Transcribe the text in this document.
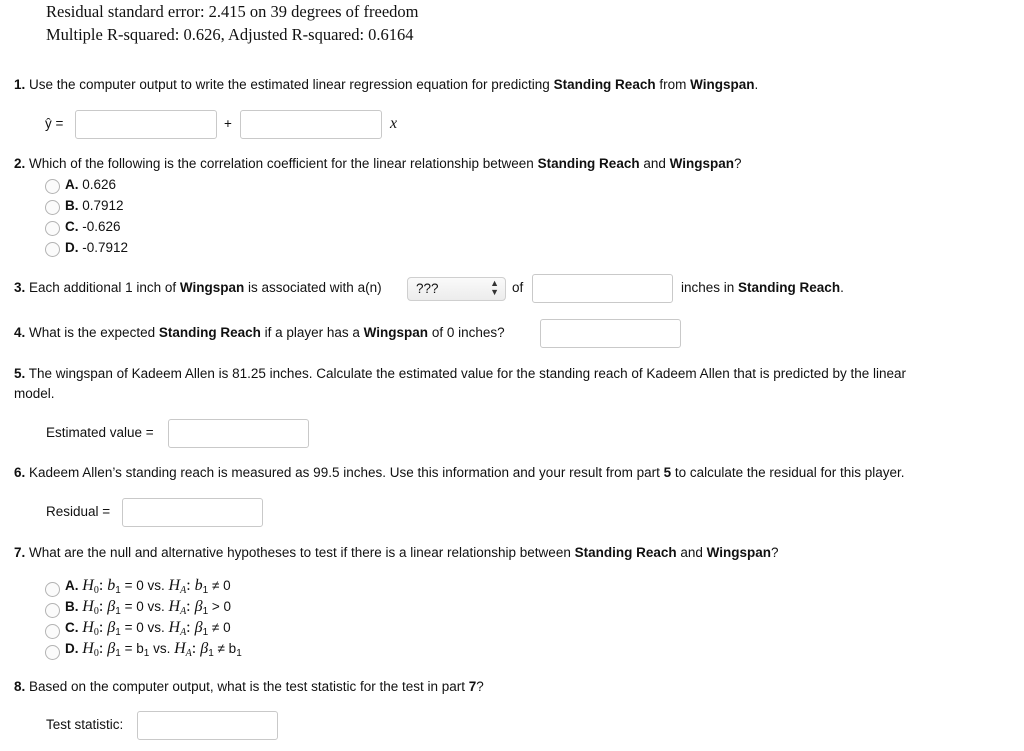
Residual standard error: 2.415 on 39 degrees of freedom
Multiple R-squared: 0.626, Adjusted R-squared: 0.6164
1. Use the computer output to write the estimated linear regression equation for predicting Standing Reach from Wingspan.
ŷ =	+	x
2. Which of the following is the correlation coefficient for the linear relationship between Standing Reach and Wingspan?
A. 0.626
B. 0.7912
C. -0.626
D. -0.7912
3. Each additional 1 inch of Wingspan is associated with a(n)	???	▲
▼ of	inches in Standing Reach.
4. What is the expected Standing Reach if a player has a Wingspan of 0 inches?
5. The wingspan of Kadeem Allen is 81.25 inches. Calculate the estimated value for the standing reach of Kadeem Allen that is predicted by the linear
model.
Estimated value =
6. Kadeem Allen’s standing reach is measured as 99.5 inches. Use this information and your result from part 5 to calculate the residual for this player.
Residual =
7. What are the null and alternative hypotheses to test if there is a linear relationship between Standing Reach and Wingspan?
A. $H_0$: $b_1 = 0$ vs. $H_A$: $b_1 \ne 0$
B. $H_0$: $\beta_1 = 0$ vs. $H_A$: $\beta_1 > 0$
C. $H_0$: $\beta_1 = 0$ vs. $H_A$: $\beta_1 \ne 0$
D. $H_0$: $\beta_1 = b_1$ vs. $H_A$: $\beta_1 \ne b_1$
8. Based on the computer output, what is the test statistic for the test in part 7?
Test statistic:
